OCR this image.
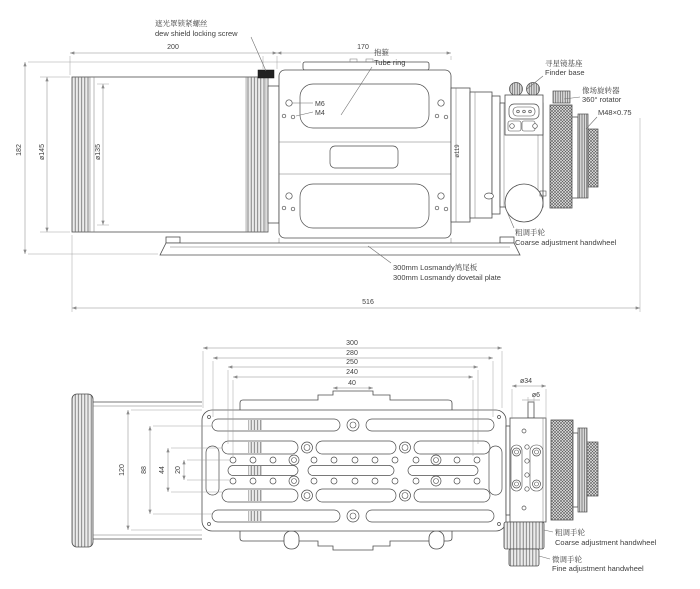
200	170
182 ø145	ø135	ø119
516
遮光罩锁紧螺丝
dew shield locking screw
抱箍
Tube ring	寻星镜基座
Finder base
像场旋转器
360° rotator
M48×0.75
M6
M4
粗调手轮
Coarse adjustment handwheel
300mm Losmandy鸠尾板
300mm Losmandy dovetail plate
300
280
250
240
40
120 88 44 20
ø34
ø6
粗调手轮
Coarse adjustment handwheel
微调手轮
Fine adjustment handwheel
